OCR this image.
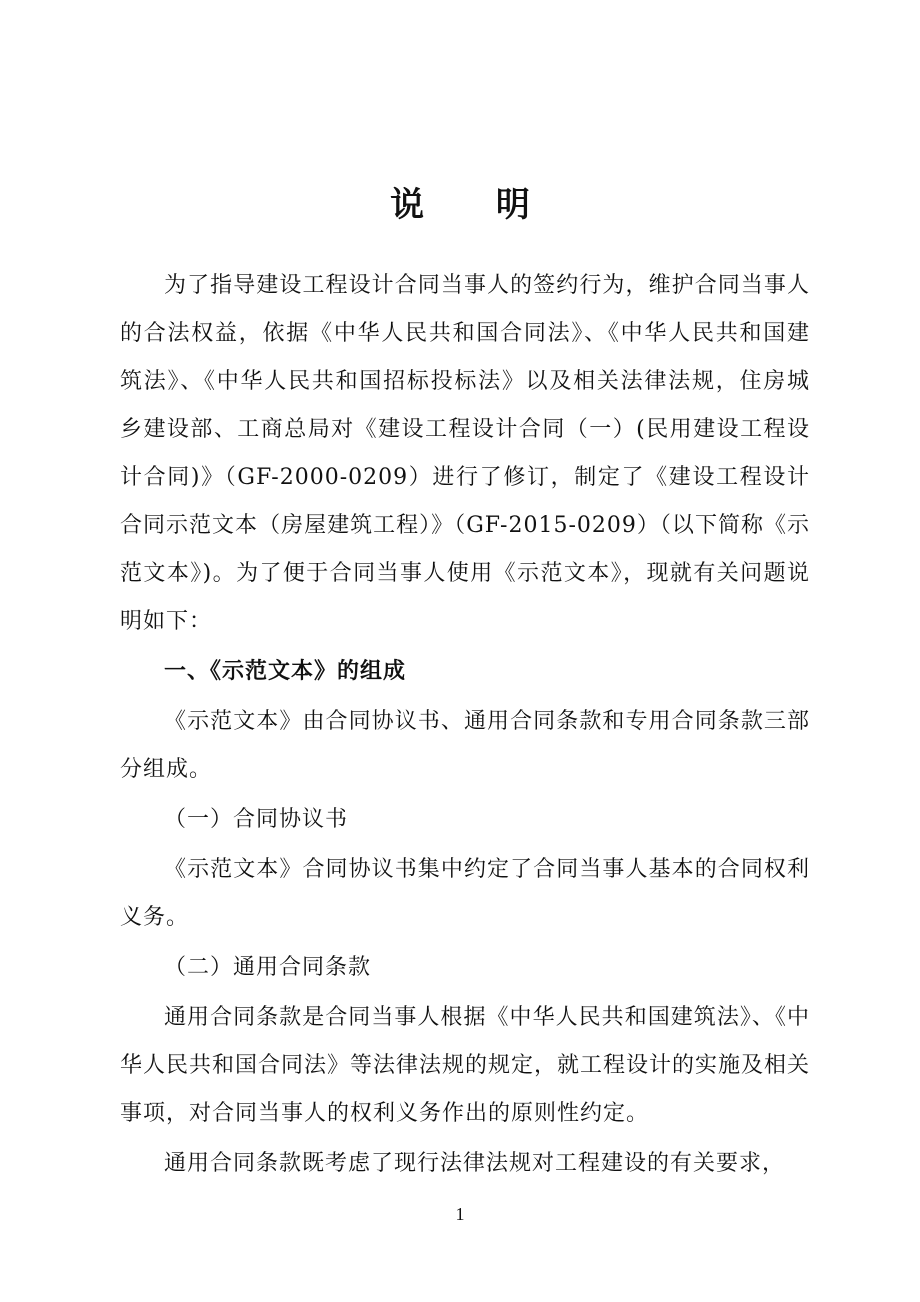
说 明

为了指导建设工程设计合同当事人的签约行为，维护合同当事人的合法权益，依据《中华人民共和国合同法》、《中华人民共和国建筑法》、《中华人民共和国招标投标法》以及相关法律法规，住房城乡建设部、工商总局对《建设工程设计合同（一）(民用建设工程设计合同)》（GF-2000-0209）进行了修订，制定了《建设工程设计合同示范文本（房屋建筑工程）》（GF-2015-0209）（以下简称《示范文本》)。为了便于合同当事人使用《示范文本》，现就有关问题说明如下：

一、《示范文本》的组成

《示范文本》由合同协议书、通用合同条款和专用合同条款三部分组成。

（一）合同协议书

《示范文本》合同协议书集中约定了合同当事人基本的合同权利义务。

（二）通用合同条款

通用合同条款是合同当事人根据《中华人民共和国建筑法》、《中华人民共和国合同法》等法律法规的规定，就工程设计的实施及相关事项，对合同当事人的权利义务作出的原则性约定。

通用合同条款既考虑了现行法律法规对工程建设的有关要求，

1
